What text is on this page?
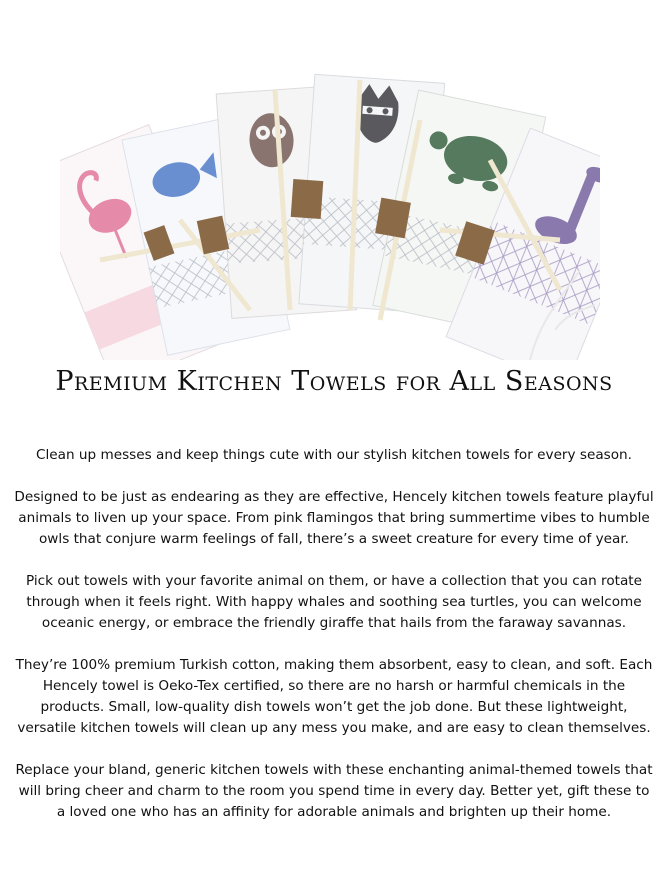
Premium Kitchen Towels for All Seasons

Clean up messes and keep things cute with our stylish kitchen towels for every season.

Designed to be just as endearing as they are effective, Hencely kitchen towels feature playful animals to liven up your space. From pink flamingos that bring summertime vibes to humble owls that conjure warm feelings of fall, there’s a sweet creature for every time of year.

Pick out towels with your favorite animal on them, or have a collection that you can rotate through when it feels right. With happy whales and soothing sea turtles, you can welcome oceanic energy, or embrace the friendly giraffe that hails from the faraway savannas.

They’re 100% premium Turkish cotton, making them absorbent, easy to clean, and soft. Each Hencely towel is Oeko-Tex certified, so there are no harsh or harmful chemicals in the products. Small, low-quality dish towels won’t get the job done. But these lightweight, versatile kitchen towels will clean up any mess you make, and are easy to clean themselves.

Replace your bland, generic kitchen towels with these enchanting animal-themed towels that will bring cheer and charm to the room you spend time in every day. Better yet, gift these to a loved one who has an affinity for adorable animals and brighten up their home.
